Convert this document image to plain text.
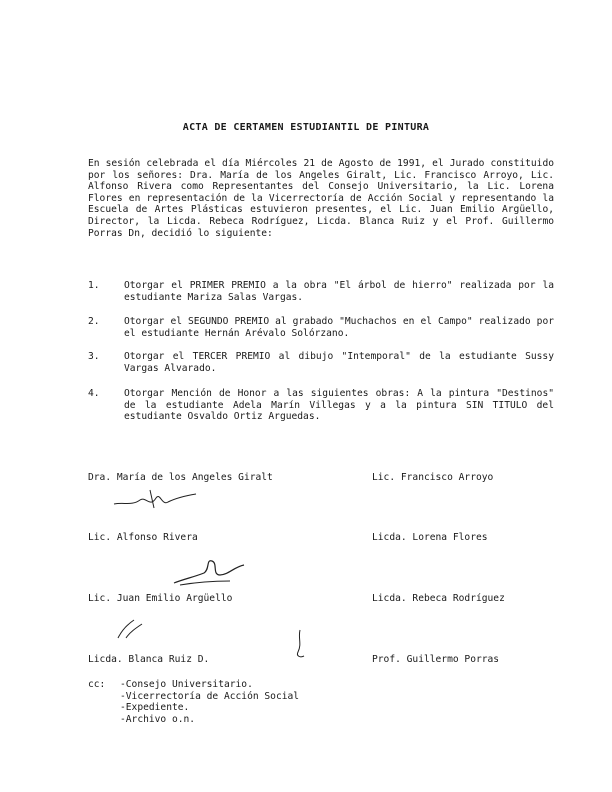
ACTA DE CERTAMEN ESTUDIANTIL DE PINTURA

En sesión celebrada el día Miércoles 21 de Agosto de 1991, el Jurado constituido por los señores: Dra. María de los Angeles Giralt, Lic. Francisco Arroyo, Lic. Alfonso Rivera como Representantes del Consejo Universitario, la Lic. Lorena Flores en representación de la Vicerrectoría de Acción Social y representando la Escuela de Artes Plásticas estuvieron presentes, el Lic. Juan Emilio Argüello, Director, la Licda. Rebeca Rodríguez, Licda. Blanca Ruiz y el Prof. Guillermo Porras Dn, decidió lo siguiente:

1.	Otorgar el PRIMER PREMIO a la obra "El árbol de hierro" realizada por la estudiante Mariza Salas Vargas.

2.	Otorgar el SEGUNDO PREMIO al grabado "Muchachos en el Campo" realizado por el estudiante Hernán Arévalo Solórzano.

3.	Otorgar el TERCER PREMIO al dibujo "Intemporal" de la estudiante Sussy Vargas Alvarado.

4.	Otorgar Mención de Honor a las siguientes obras: A la pintura "Destinos" de la estudiante Adela Marín Villegas y a la pintura SIN TITULO del estudiante Osvaldo Ortiz Arguedas.

Dra. María de los Angeles Giralt	Lic. Francisco Arroyo
Lic. Alfonso Rivera	Licda. Lorena Flores
Lic. Juan Emilio Argüello	Licda. Rebeca Rodríguez
Licda. Blanca Ruiz D.	Prof. Guillermo Porras
cc: -Consejo Universitario.
-Vicerrectoría de Acción Social
-Expediente.
-Archivo o.n.
